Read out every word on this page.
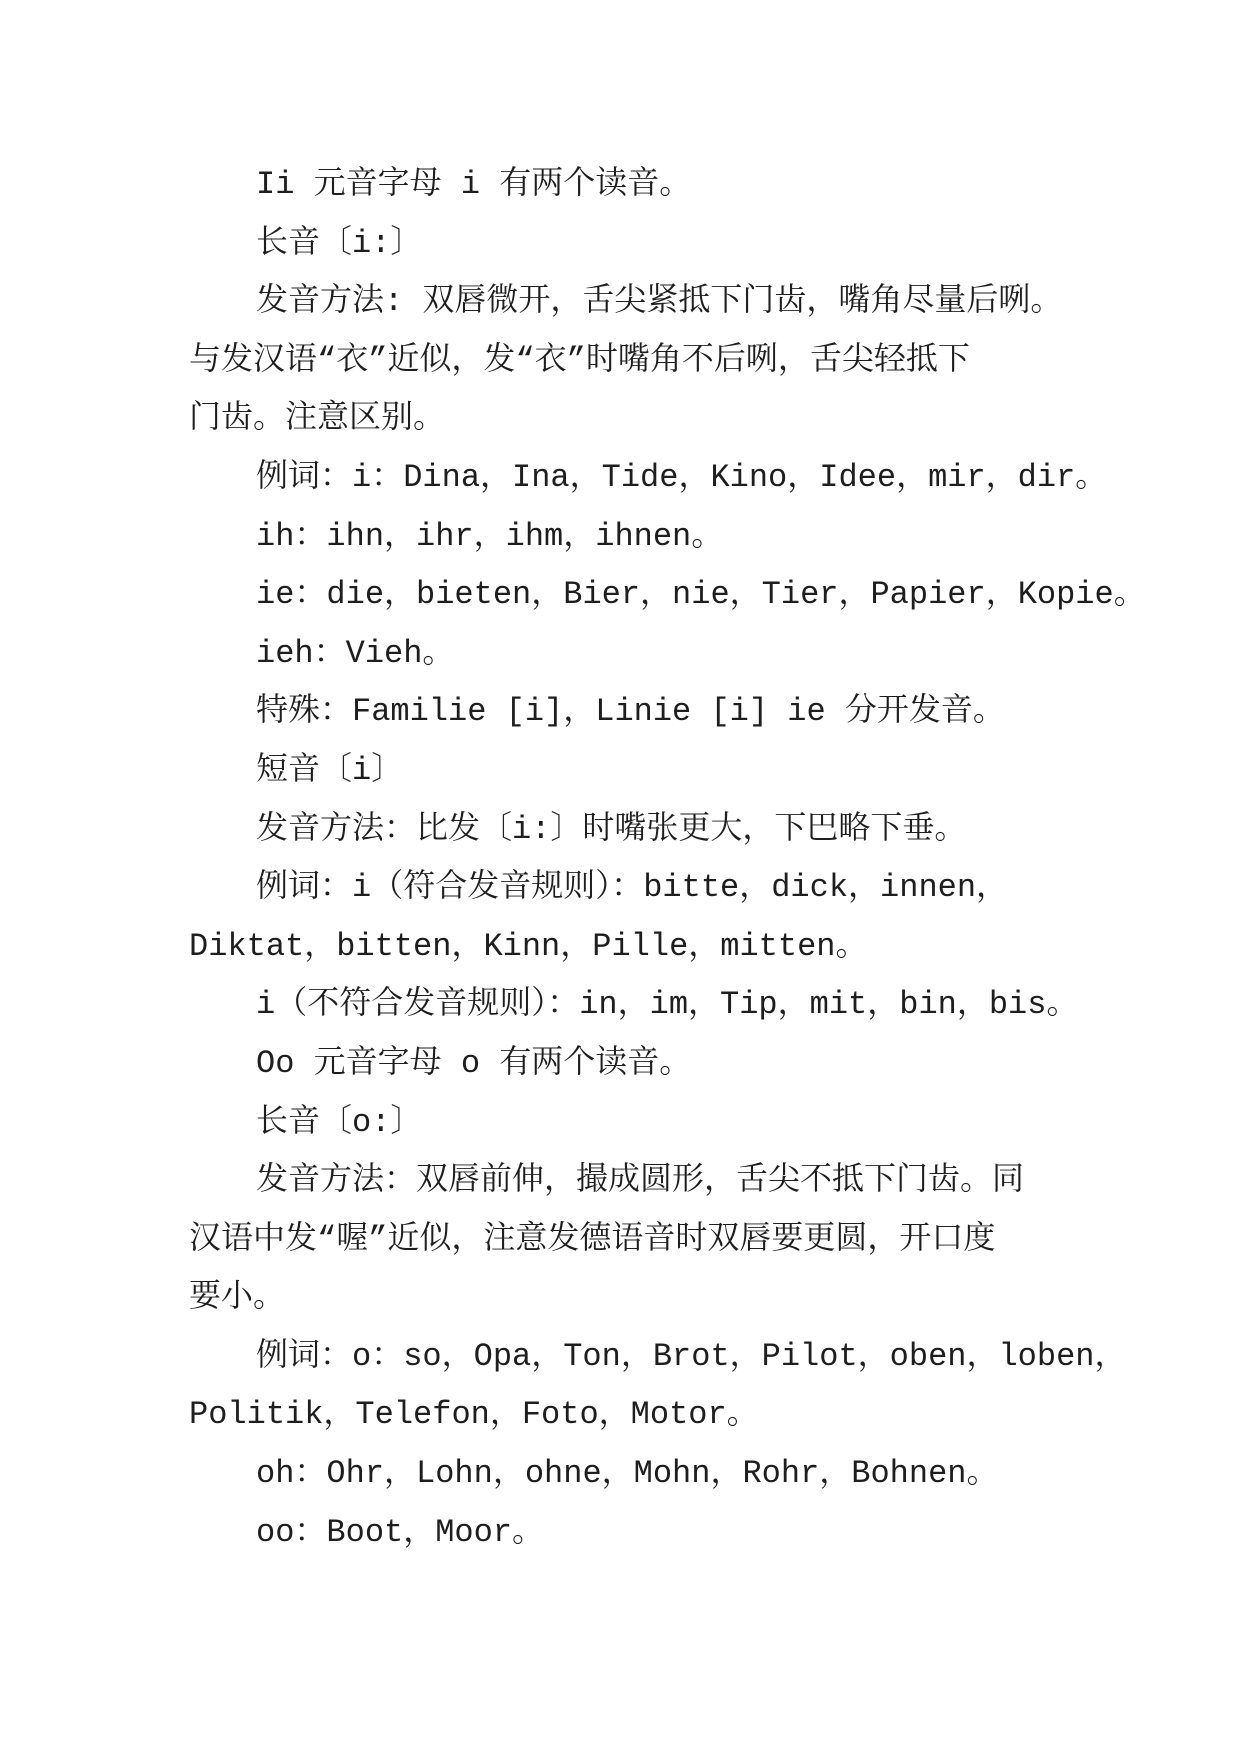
Ii 元音字母 i 有两个读音。
长音〔i:〕
发音方法: 双唇微开，舌尖紧抵下门齿，嘴角尽量后咧。
与发汉语“衣”近似，发“衣”时嘴角不后咧，舌尖轻抵下
门齿。注意区别。
例词：i：Dina，Ina，Tide，Kino，Idee，mir，dir。
ih：ihn，ihr，ihm，ihnen。
ie：die，bieten，Bier，nie，Tier，Papier，Kopie。
ieh：Vieh。
特殊：Familie [i]，Linie [i] ie 分开发音。
短音〔i〕
发音方法：比发〔i:〕时嘴张更大，下巴略下垂。
例词：i（符合发音规则）：bitte，dick，innen，
Diktat，bitten，Kinn，Pille，mitten。
i（不符合发音规则）：in，im，Tip，mit，bin，bis。
Oo 元音字母 o 有两个读音。
长音〔o:〕
发音方法：双唇前伸，撮成圆形，舌尖不抵下门齿。同
汉语中发“喔”近似，注意发德语音时双唇要更圆，开口度
要小。
例词：o：so，Opa，Ton，Brot，Pilot，oben，loben，
Politik，Telefon，Foto，Motor。
oh：Ohr，Lohn，ohne，Mohn，Rohr，Bohnen。
oo：Boot，Moor。
